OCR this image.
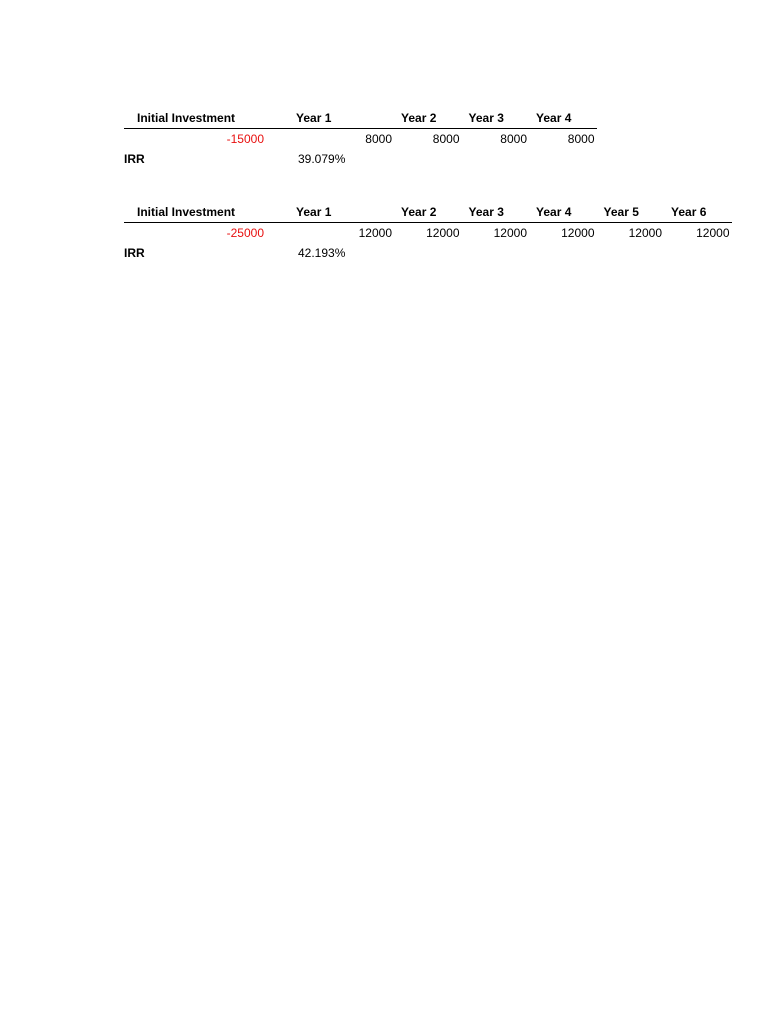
Initial Investment	Year 1	Year 2	Year 3	Year 4
-15000	8000	8000	8000	8000
IRR	39.079%			
Initial Investment	Year 1	Year 2	Year 3	Year 4	Year 5	Year 6
-25000	12000	12000	12000	12000	12000	12000
IRR	42.193%					
